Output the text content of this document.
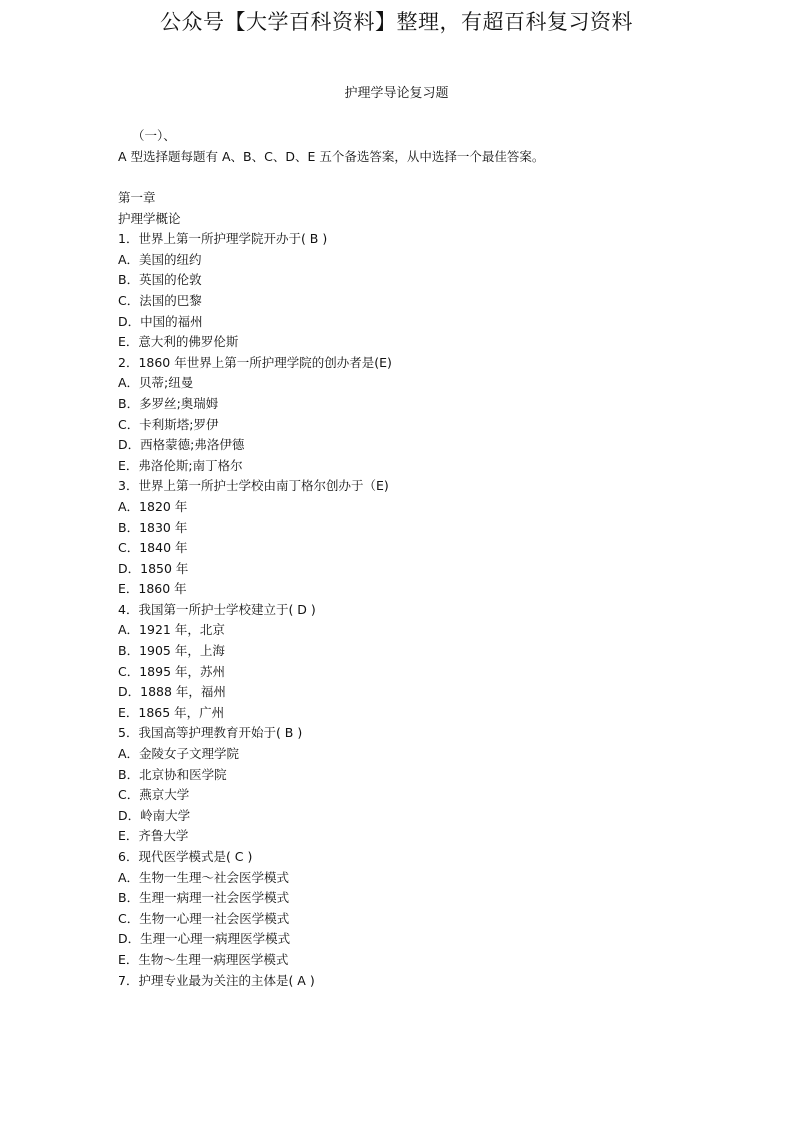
公众号【大学百科资料】整理，有超百科复习资料
护理学导论复习题
（一）、
A 型选择题每题有 A、B、C、D、E 五个备选答案，从中选择一个最佳答案。
第一章
护理学概论
1．世界上第一所护理学院开办于( B )
A．美国的纽约
B．英国的伦敦
C．法国的巴黎
D．中国的福州
E．意大利的佛罗伦斯
2．1860 年世界上第一所护理学院的创办者是(E)
A．贝蒂;纽曼
B．多罗丝;奥瑞姆
C．卡利斯塔;罗伊
D．西格蒙德;弗洛伊德
E．弗洛伦斯;南丁格尔
3．世界上第一所护士学校由南丁格尔创办于（E)
A．1820 年
B．1830 年
C．1840 年
D．1850 年
E．1860 年
4．我国第一所护士学校建立于( D )
A．1921 年，北京
B．1905 年，上海
C．1895 年，苏州
D．1888 年，福州
E．1865 年，广州
5．我国高等护理教育开始于( B )
A．金陵女子文理学院
B．北京协和医学院
C．燕京大学
D．岭南大学
E．齐鲁大学
6．现代医学模式是( C )
A．生物一生理～社会医学模式
B．生理一病理一社会医学模式
C．生物一心理一社会医学模式
D．生理一心理一病理医学模式
E．生物～生理一病理医学模式
7．护理专业最为关注的主体是( A )
